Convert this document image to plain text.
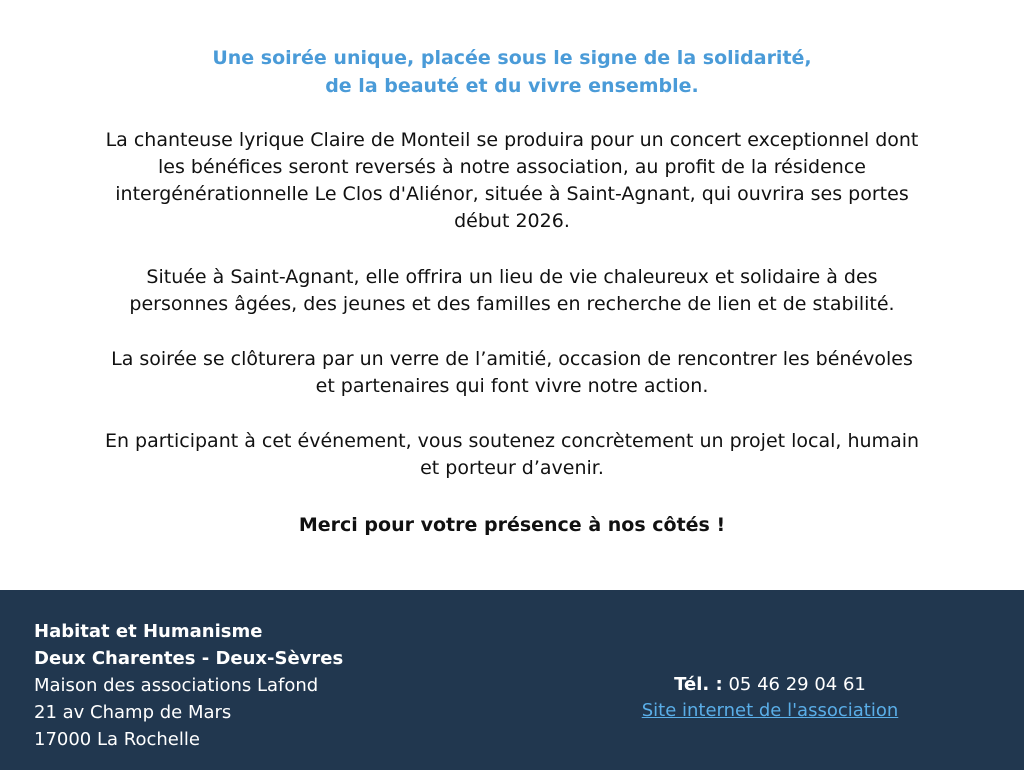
Une soirée unique, placée sous le signe de la solidarité,
de la beauté et du vivre ensemble.

La chanteuse lyrique Claire de Monteil se produira pour un concert exceptionnel dont
les bénéfices seront reversés à notre association, au profit de la résidence
intergénérationnelle Le Clos d'Aliénor, située à Saint-Agnant, qui ouvrira ses portes
début 2026.

Située à Saint-Agnant, elle offrira un lieu de vie chaleureux et solidaire à des
personnes âgées, des jeunes et des familles en recherche de lien et de stabilité.

La soirée se clôturera par un verre de l’amitié, occasion de rencontrer les bénévoles
et partenaires qui font vivre notre action.

En participant à cet événement, vous soutenez concrètement un projet local, humain
et porteur d’avenir.

Merci pour votre présence à nos côtés !

Habitat et Humanisme
Deux Charentes - Deux-Sèvres
Maison des associations Lafond
21 av Champ de Mars
17000 La Rochelle
Tél. : 05 46 29 04 61
Site internet de l'association
